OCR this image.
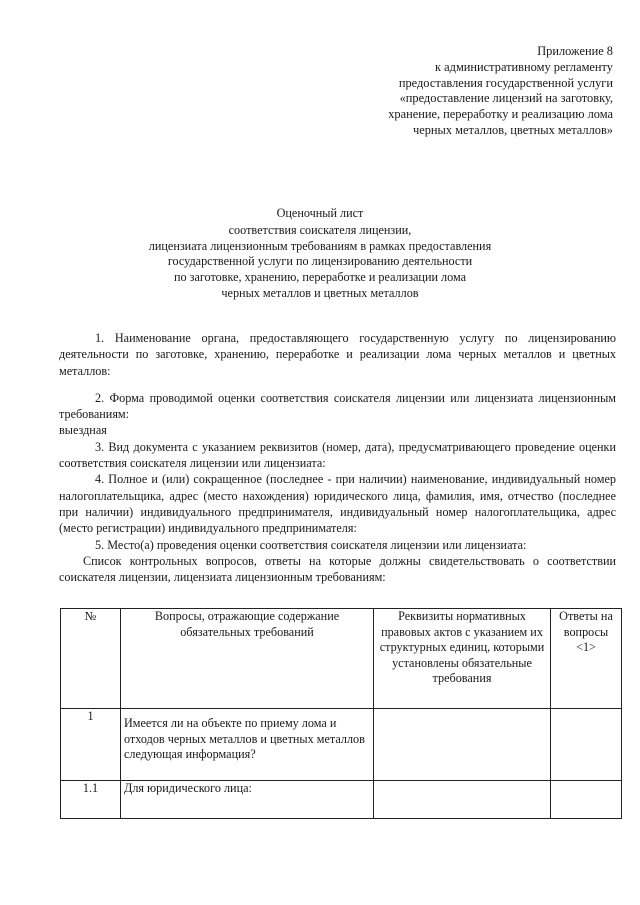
Приложение 8
к административному регламенту
предоставления государственной услуги
«предоставление лицензий на заготовку,
хранение, переработку и реализацию лома
черных металлов, цветных металлов»
Оценочный лист
соответствия соискателя лицензии,
лицензиата лицензионным требованиям в рамках предоставления
государственной услуги по лицензированию деятельности
по заготовке, хранению, переработке и реализации лома
черных металлов и цветных металлов

1. Наименование органа, предоставляющего государственную услугу по лицензированию деятельности по заготовке, хранению, переработке и реализации лома черных металлов и цветных металлов:

2. Форма проводимой оценки соответствия соискателя лицензии или лицензиата лицензионным требованиям:

выездная

3. Вид документа с указанием реквизитов (номер, дата), предусматривающего проведение оценки соответствия соискателя лицензии или лицензиата:

4. Полное и (или) сокращенное (последнее - при наличии) наименование, индивидуальный номер налогоплательщика, адрес (место нахождения) юридического лица, фамилия, имя, отчество (последнее при наличии) индивидуального предпринимателя, индивидуальный номер налогоплательщика, адрес (место регистрации) индивидуального предпринимателя:

5. Место(а) проведения оценки соответствия соискателя лицензии или лицензиата:

Список контрольных вопросов, ответы на которые должны свидетельствовать о соответствии соискателя лицензии, лицензиата лицензионным требованиям:

№	Вопросы, отражающие содержание обязательных требований	Реквизиты нормативных правовых актов с указанием их структурных единиц, которыми установлены обязательные требования	Ответы на вопросы <1>
1	Имеется ли на объекте по приему лома и отходов черных металлов и цветных металлов следующая информация?		
1.1	Для юридического лица:		
